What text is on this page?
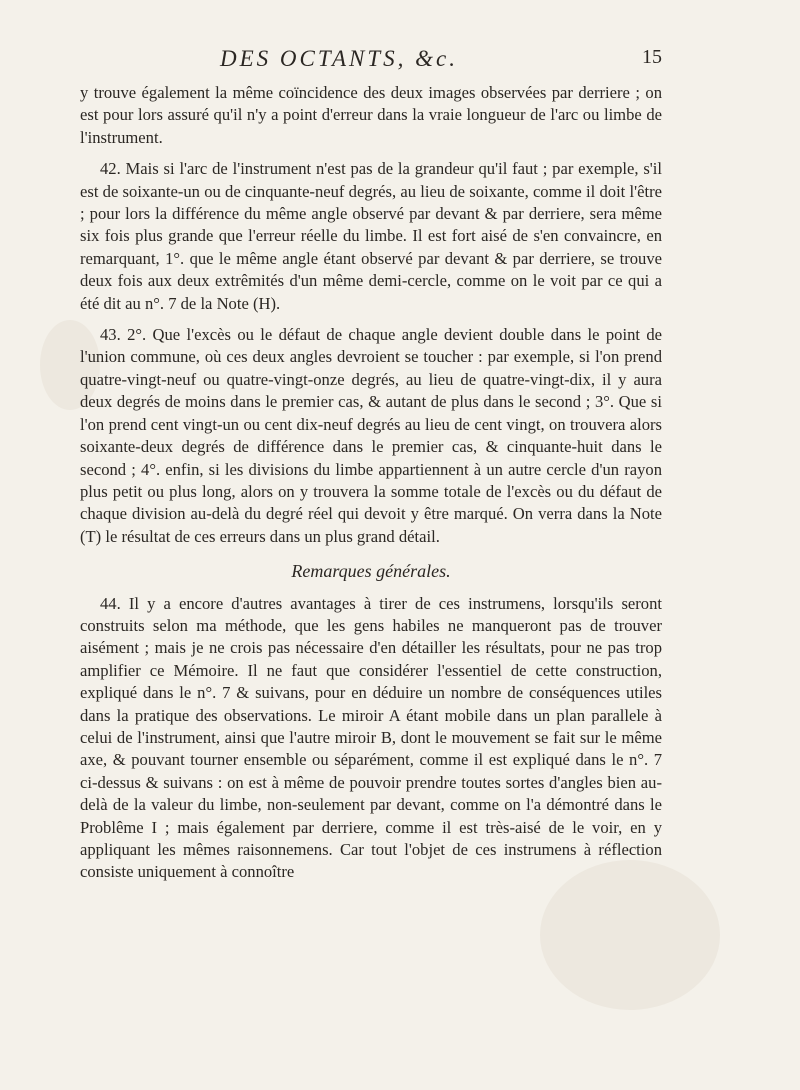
DES OCTANTS, &c.	15

y trouve également la même coïncidence des deux images observées par derriere ; on est pour lors assuré qu'il n'y a point d'erreur dans la vraie longueur de l'arc ou limbe de l'instrument.

42. Mais si l'arc de l'instrument n'est pas de la grandeur qu'il faut ; par exemple, s'il est de soixante-un ou de cinquante-neuf degrés, au lieu de soixante, comme il doit l'être ; pour lors la différence du même angle observé par devant & par derriere, sera même six fois plus grande que l'erreur réelle du limbe. Il est fort aisé de s'en convaincre, en remarquant, 1°. que le même angle étant observé par devant & par derriere, se trouve deux fois aux deux extrêmités d'un même demi-cercle, comme on le voit par ce qui a été dit au n°. 7 de la Note (H).

43. 2°. Que l'excès ou le défaut de chaque angle devient double dans le point de l'union commune, où ces deux angles devroient se toucher : par exemple, si l'on prend quatre-vingt-neuf ou quatre-vingt-onze degrés, au lieu de quatre-vingt-dix, il y aura deux degrés de moins dans le premier cas, & autant de plus dans le second ; 3°. Que si l'on prend cent vingt-un ou cent dix-neuf degrés au lieu de cent vingt, on trouvera alors soixante-deux degrés de différence dans le premier cas, & cinquante-huit dans le second ; 4°. enfin, si les divisions du limbe appartiennent à un autre cercle d'un rayon plus petit ou plus long, alors on y trouvera la somme totale de l'excès ou du défaut de chaque division au-delà du degré réel qui devoit y être marqué. On verra dans la Note (T) le résultat de ces erreurs dans un plus grand détail.

Remarques générales.

44. Il y a encore d'autres avantages à tirer de ces instrumens, lorsqu'ils seront construits selon ma méthode, que les gens habiles ne manqueront pas de trouver aisément ; mais je ne crois pas nécessaire d'en détailler les résultats, pour ne pas trop amplifier ce Mémoire. Il ne faut que considérer l'essentiel de cette construction, expliqué dans le n°. 7 & suivans, pour en déduire un nombre de conséquences utiles dans la pratique des observations. Le miroir A étant mobile dans un plan parallele à celui de l'instrument, ainsi que l'autre miroir B, dont le mouvement se fait sur le même axe, & pouvant tourner ensemble ou séparément, comme il est expliqué dans le n°. 7 ci-dessus & suivans : on est à même de pouvoir prendre toutes sortes d'angles bien au-delà de la valeur du limbe, non-seulement par devant, comme on l'a démontré dans le Problême I ; mais également par derriere, comme il est très-aisé de le voir, en y appliquant les mêmes raisonnemens. Car tout l'objet de ces instrumens à réflection consiste uniquement à connoître
